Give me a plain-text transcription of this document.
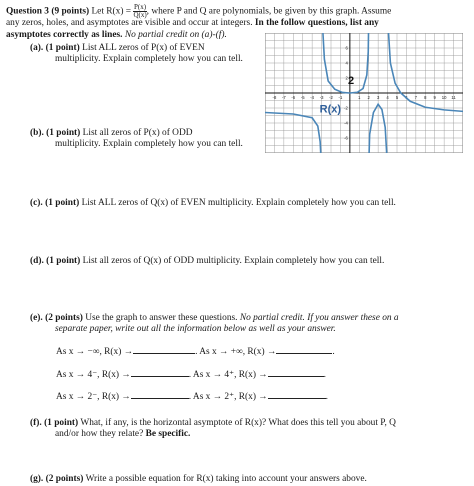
Question 3 (9 points) Let $R(x) = \frac{P(x)}{Q(x)}$ , where P and Q are polynomials, be given by this graph. Assume
any zeros, holes, and asymptotes are visible and occur at integers. In the follow questions, list any
asymptotes correctly as lines. No partial credit on (a)-(f).
(a). (1 point) List ALL zeros of P(x) of EVEN
multiplicity. Explain completely how you can tell.
(b). (1 point) List all zeros of P(x) of ODD
multiplicity. Explain completely how you can tell.
-8 -7 -6 -5 -4 -3 -2 -1	1 2 3 4 5 6 7 8 9 10 11
6
4
2
-2
-4
-6
2
R(x)
(c). (1 point) List ALL zeros of Q(x) of EVEN multiplicity. Explain completely how you can tell.
(d). (1 point) List all zeros of Q(x) of ODD multiplicity. Explain completely how you can tell.
(e). (2 points) Use the graph to answer these questions. No partial credit. If you answer these on a
separate paper, write out all the information below as well as your answer.
As x → −∞, R(x) →	. As x → +∞, R(x) →	.
As x → 4⁻, R(x) →	. As x → 4⁺, R(x) →	.
As x → 2⁻, R(x) →	. As x → 2⁺, R(x) →	.
(f). (1 point) What, if any, is the horizontal asymptote of R(x)? What does this tell you about P, Q
and/or how they relate? Be specific.
(g). (2 points) Write a possible equation for R(x) taking into account your answers above.
